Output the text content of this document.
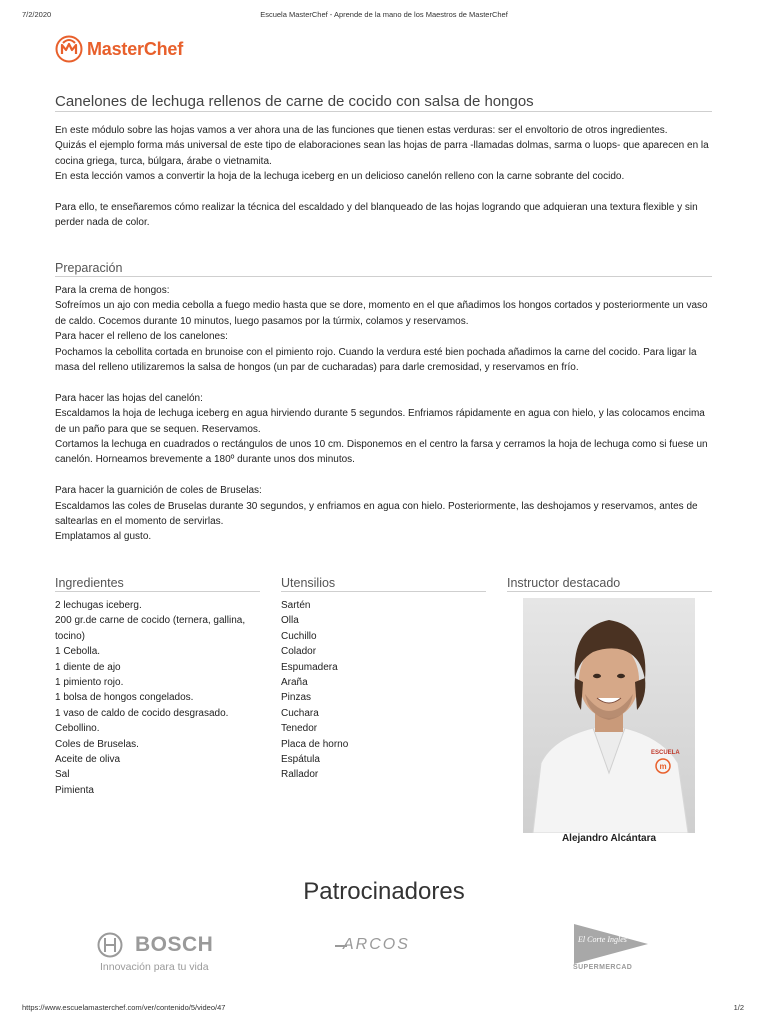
7/2/2020	Escuela MasterChef - Aprende de la mano de los Maestros de MasterChef
MasterChef
Canelones de lechuga rellenos de carne de cocido con salsa de hongos

En este módulo sobre las hojas vamos a ver ahora una de las funciones que tienen estas verduras: ser el envoltorio de otros ingredientes.

Quizás el ejemplo forma más universal de este tipo de elaboraciones sean las hojas de parra -llamadas dolmas, sarma o luops- que aparecen en la cocina griega, turca, búlgara, árabe o vietnamita.

En esta lección vamos a convertir la hoja de la lechuga iceberg en un delicioso canelón relleno con la carne sobrante del cocido.

Para ello, te enseñaremos cómo realizar la técnica del escaldado y del blanqueado de las hojas logrando que adquieran una textura flexible y sin perder nada de color.

Preparación

Para la crema de hongos:

Sofreímos un ajo con media cebolla a fuego medio hasta que se dore, momento en el que añadimos los hongos cortados y posteriormente un vaso de caldo. Cocemos durante 10 minutos, luego pasamos por la túrmix, colamos y reservamos.

Para hacer el relleno de los canelones:

Pochamos la cebollita cortada en brunoise con el pimiento rojo. Cuando la verdura esté bien pochada añadimos la carne del cocido. Para ligar la masa del relleno utilizaremos la salsa de hongos (un par de cucharadas) para darle cremosidad, y reservamos en frío.

Para hacer las hojas del canelón:

Escaldamos la hoja de lechuga iceberg en agua hirviendo durante 5 segundos. Enfriamos rápidamente en agua con hielo, y las colocamos encima de un paño para que se sequen. Reservamos.

Cortamos la lechuga en cuadrados o rectángulos de unos 10 cm. Disponemos en el centro la farsa y cerramos la hoja de lechuga como si fuese un canelón. Horneamos brevemente a 180º durante unos dos minutos.

Para hacer la guarnición de coles de Bruselas:

Escaldamos las coles de Bruselas durante 30 segundos, y enfriamos en agua con hielo. Posteriormente, las deshojamos y reservamos, antes de saltearlas en el momento de servirlas.

Emplatamos al gusto.

Ingredientes
2 lechugas iceberg.
200 gr.de carne de cocido (ternera, gallina, tocino)
1 Cebolla.
1 diente de ajo
1 pimiento rojo.
1 bolsa de hongos congelados.
1 vaso de caldo de cocido desgrasado.
Cebollino.
Coles de Bruselas.
Aceite de oliva
Sal
Pimienta
Utensilios
Sartén
Olla
Cuchillo
Colador
Espumadera
Araña
Pinzas
Cuchara
Tenedor
Placa de horno
Espátula
Rallador
Instructor destacado
ESCUELA
m
Alejandro Alcántara
Patrocinadores
BOSCH
Innovación para tu vida
ARCOS	El Corte Inglés
SUPERMERCAD
https://www.escuelamasterchef.com/ver/contenido/5/video/47	1/2
